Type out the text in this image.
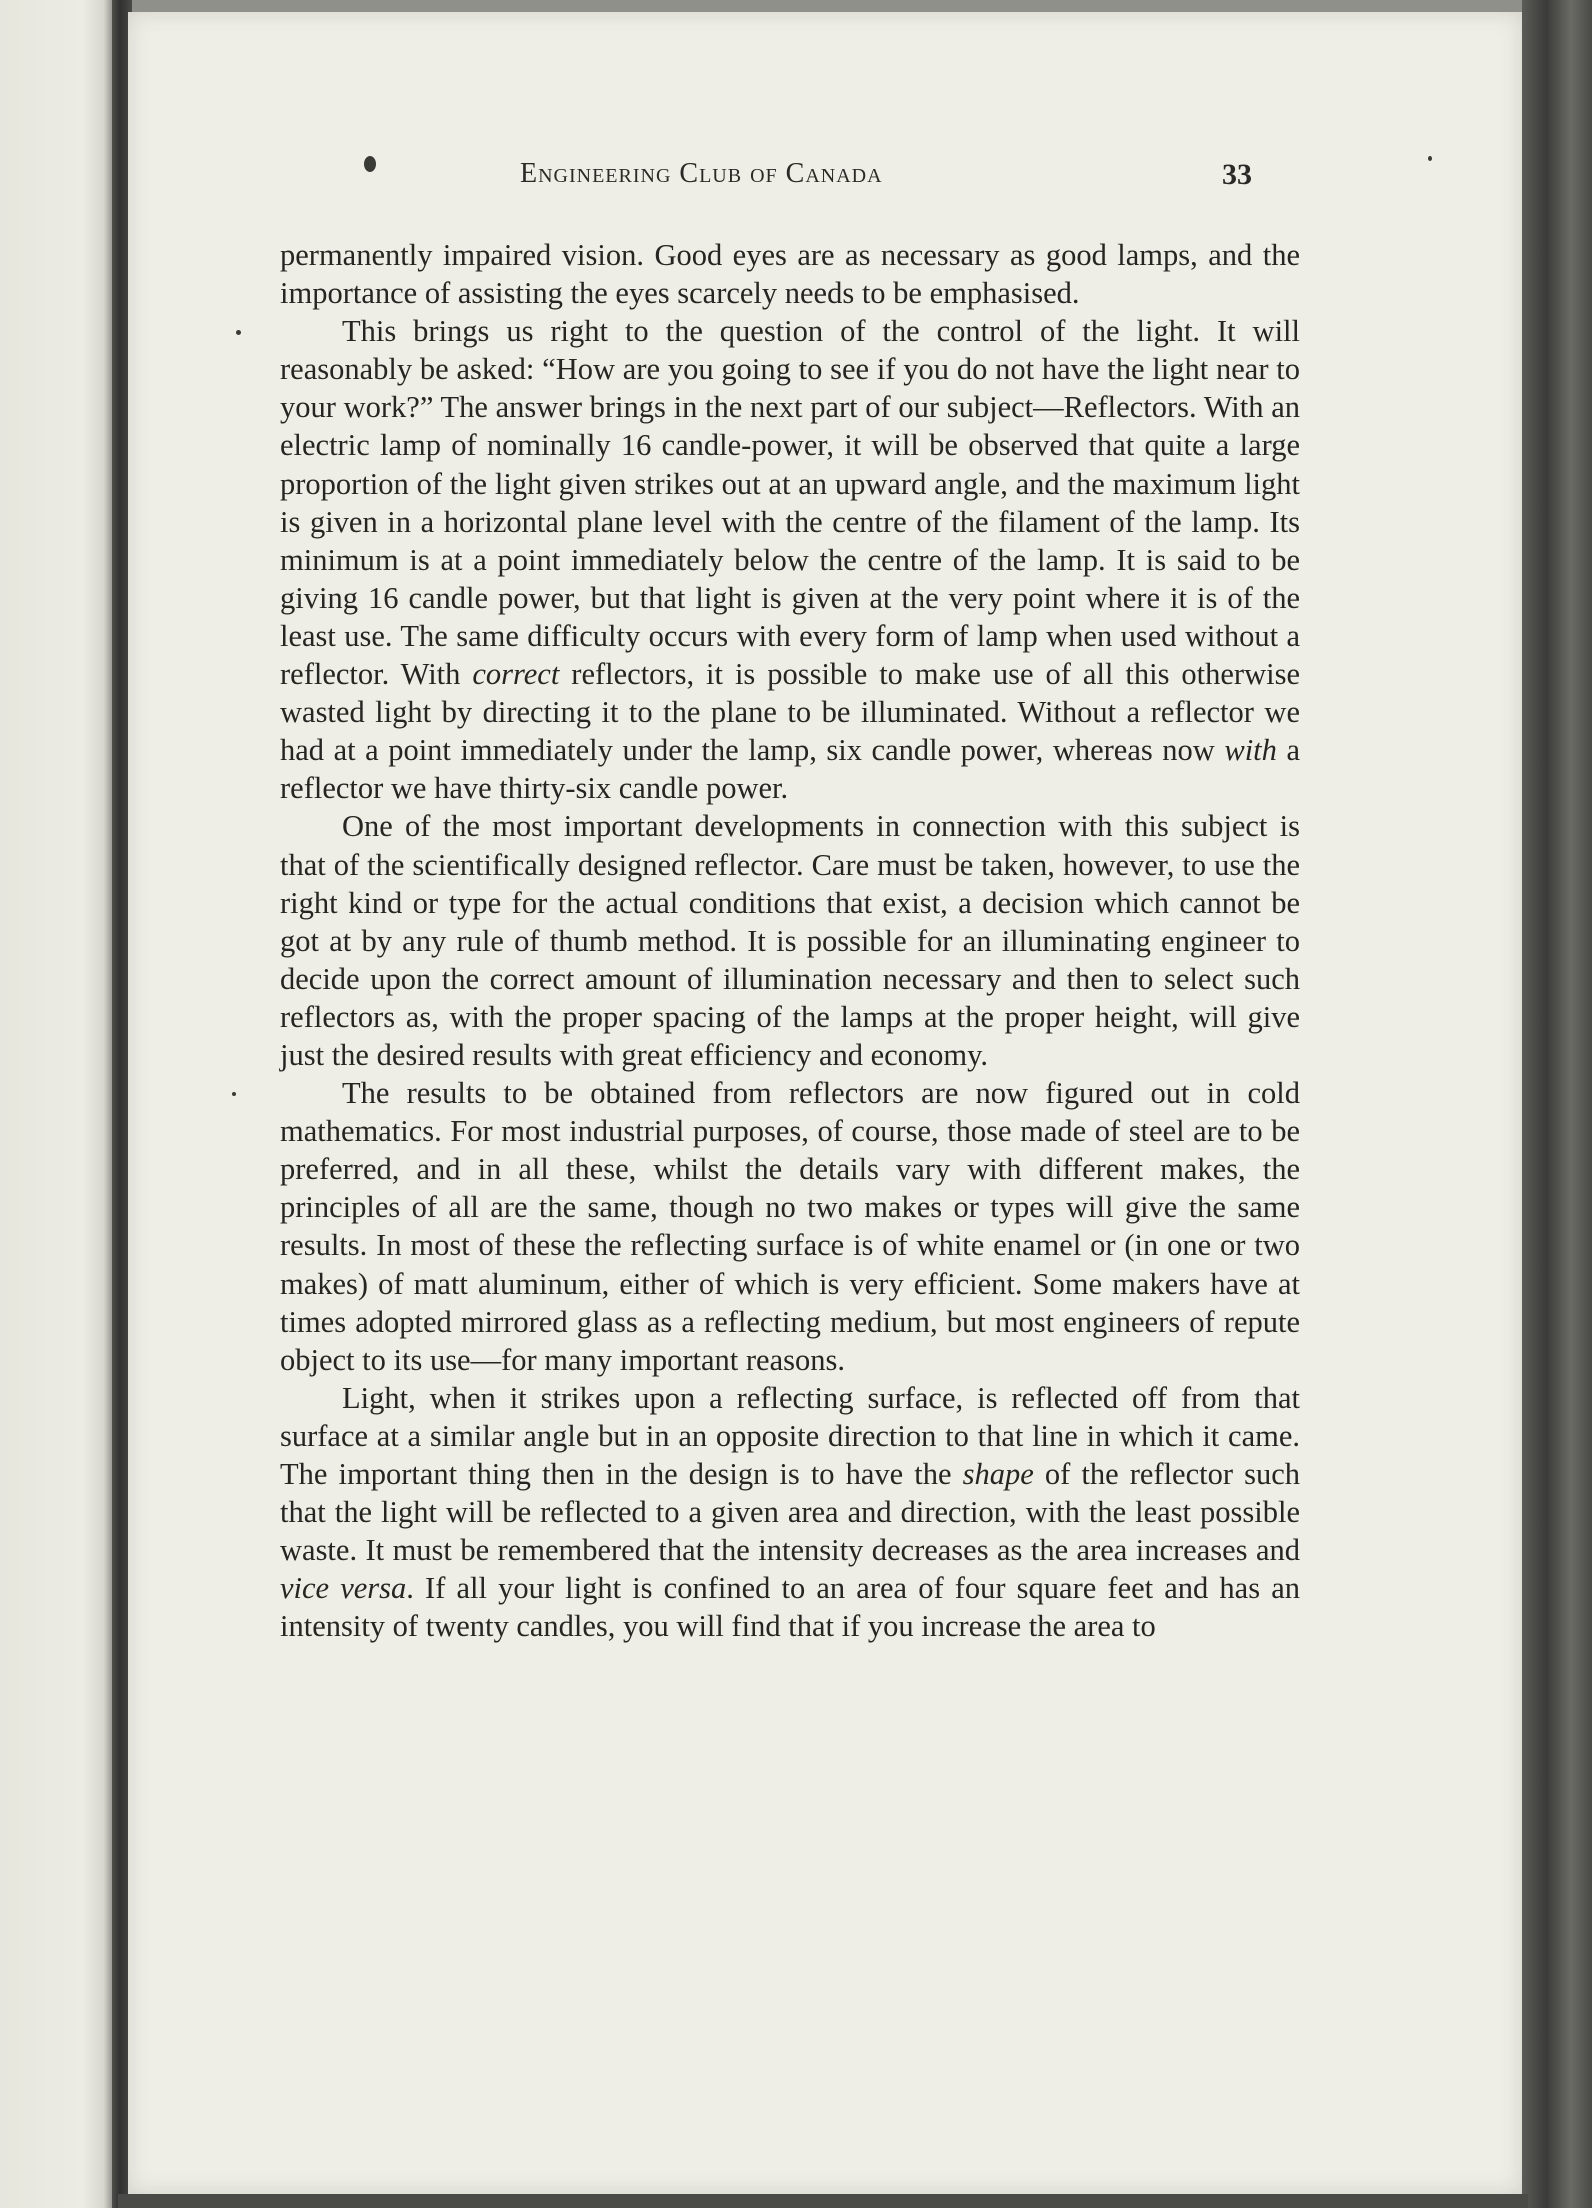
Engineering Club of Canada	33

permanently impaired vision. Good eyes are as necessary as good lamps, and the importance of assisting the eyes scarcely needs to be emphasised.

This brings us right to the question of the control of the light. It will reasonably be asked: “How are you going to see if you do not have the light near to your work?” The answer brings in the next part of our subject—Reflectors. With an electric lamp of nominally 16 candle-power, it will be observed that quite a large proportion of the light given strikes out at an upward angle, and the maximum light is given in a horizontal plane level with the centre of the filament of the lamp. Its minimum is at a point immediately below the centre of the lamp. It is said to be giving 16 candle power, but that light is given at the very point where it is of the least use. The same difficulty occurs with every form of lamp when used without a reflector. With correct reflectors, it is possible to make use of all this otherwise wasted light by directing it to the plane to be illuminated. Without a reflector we had at a point immediately under the lamp, six candle power, whereas now with a reflector we have thirty-six candle power.

One of the most important developments in connection with this subject is that of the scientifically designed reflector. Care must be taken, however, to use the right kind or type for the actual conditions that exist, a decision which cannot be got at by any rule of thumb method. It is possible for an illuminating engineer to decide upon the correct amount of illumination necessary and then to select such reflectors as, with the proper spacing of the lamps at the proper height, will give just the desired results with great efficiency and economy.

The results to be obtained from reflectors are now figured out in cold mathematics. For most industrial purposes, of course, those made of steel are to be preferred, and in all these, whilst the details vary with different makes, the principles of all are the same, though no two makes or types will give the same results. In most of these the reflecting surface is of white enamel or (in one or two makes) of matt aluminum, either of which is very efficient. Some makers have at times adopted mirrored glass as a reflecting medium, but most engineers of repute object to its use—for many important reasons.

Light, when it strikes upon a reflecting surface, is reflected off from that surface at a similar angle but in an opposite direction to that line in which it came. The important thing then in the design is to have the shape of the reflector such that the light will be reflected to a given area and direction, with the least possible waste. It must be remembered that the intensity decreases as the area increases and vice versa. If all your light is confined to an area of four square feet and has an intensity of twenty candles, you will find that if you increase the area to
